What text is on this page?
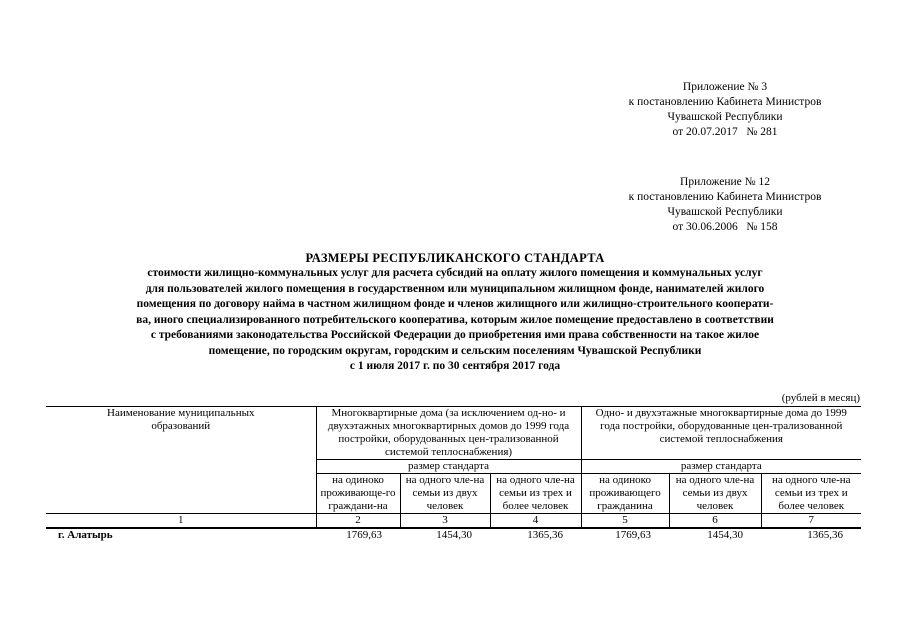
Приложение № 3
к постановлению Кабинета Министров
Чувашской Республики
от 20.07.2017   № 281
Приложение № 12
к постановлению Кабинета Министров
Чувашской Республики
от 30.06.2006   № 158
РАЗМЕРЫ РЕСПУБЛИКАНСКОГО СТАНДАРТА
стоимости жилищно-коммунальных услуг для расчета субсидий на оплату жилого помещения и коммунальных услуг
для пользователей жилого помещения в государственном или муниципальном жилищном фонде, нанимателей жилого
помещения по договору найма в частном жилищном фонде и членов жилищного или жилищно-строительного кооперати-
ва, иного специализированного потребительского кооператива, которым жилое помещение предоставлено в соответствии
с требованиями законодательства Российской Федерации до приобретения ими права собственности на такое жилое
помещение, по городским округам, городским и сельским поселениям Чувашской Республики
с 1 июля 2017 г. по 30 сентября 2017 года
(рублей в месяц)
Наименование муниципальных образований	Многоквартирные дома (за исключением од-но- и двухэтажных многоквартирных домов до 1999 года постройки, оборудованных цен-трализованной системой теплоснабжения)			Одно- и двухэтажные многоквартирные дома до 1999 года постройки, оборудованные цен-трализованной системой теплоснабжения		
	размер стандарта			размер стандарта		
	на одиноко проживающе-го граждани-на	на одного чле-на семьи из двух человек	на одного чле-на семьи из трех и более человек	на одиноко проживающего гражданина	на одного чле-на семьи из двух человек	на одного чле-на семьи из трех и более человек
1	2	3	4	5	6	7
г. Алатырь	1769,63	1454,30	1365,36	1769,63	1454,30	1365,36
